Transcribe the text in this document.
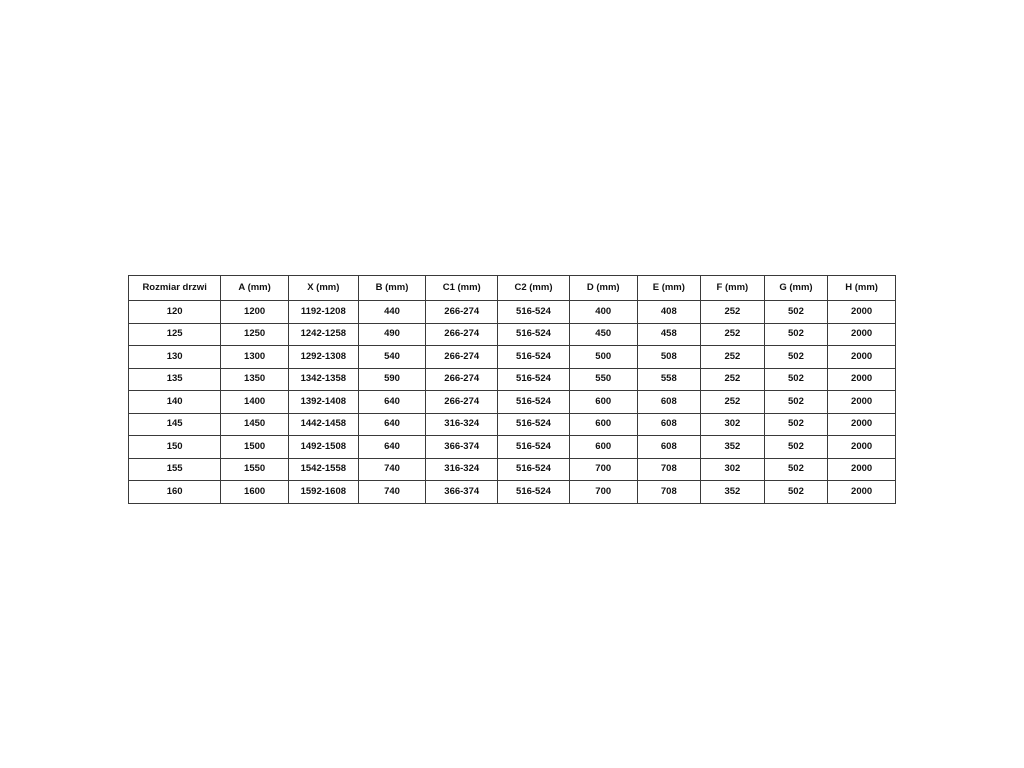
Rozmiar drzwi	A (mm)	X (mm)	B (mm)	C1 (mm)	C2 (mm)	D (mm)	E (mm)	F (mm)	G (mm)	H (mm)
120	1200	1192-1208	440	266-274	516-524	400	408	252	502	2000
125	1250	1242-1258	490	266-274	516-524	450	458	252	502	2000
130	1300	1292-1308	540	266-274	516-524	500	508	252	502	2000
135	1350	1342-1358	590	266-274	516-524	550	558	252	502	2000
140	1400	1392-1408	640	266-274	516-524	600	608	252	502	2000
145	1450	1442-1458	640	316-324	516-524	600	608	302	502	2000
150	1500	1492-1508	640	366-374	516-524	600	608	352	502	2000
155	1550	1542-1558	740	316-324	516-524	700	708	302	502	2000
160	1600	1592-1608	740	366-374	516-524	700	708	352	502	2000
